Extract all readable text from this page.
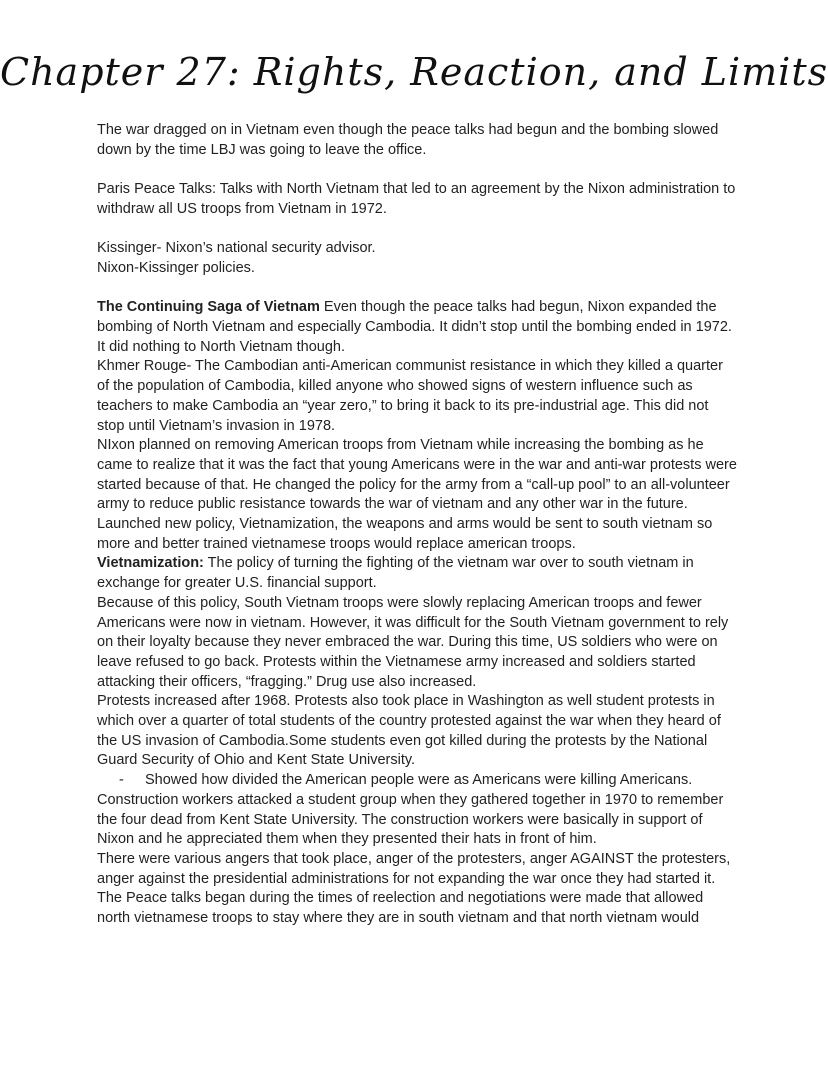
Chapter 27: Rights, Reaction, and Limits

The war dragged on in Vietnam even though the peace talks had begun and the bombing slowed down by the time LBJ was going to leave the office.

Paris Peace Talks: Talks with North Vietnam that led to an agreement by the Nixon administration to withdraw all US troops from Vietnam in 1972.

Kissinger- Nixon’s national security advisor.

Nixon-Kissinger policies.

The Continuing Saga of Vietnam Even though the peace talks had begun, Nixon expanded the bombing of North Vietnam and especially Cambodia. It didn’t stop until the bombing ended in 1972. It did nothing to North Vietnam though.

Khmer Rouge- The Cambodian anti-American communist resistance in which they killed a quarter of the population of Cambodia, killed anyone who showed signs of western influence such as teachers to make Cambodia an “year zero,” to bring it back to its pre-industrial age. This did not stop until Vietnam’s invasion in 1978.

NIxon planned on removing American troops from Vietnam while increasing the bombing as he came to realize that it was the fact that young Americans were in the war and anti-war protests were started because of that. He changed the policy for the army from a “call-up pool” to an all-volunteer army to reduce public resistance towards the war of vietnam and any other war in the future.

Launched new policy, Vietnamization, the weapons and arms would be sent to south vietnam so more and better trained vietnamese troops would replace american troops.

Vietnamization: The policy of turning the fighting of the vietnam war over to south vietnam in exchange for greater U.S. financial support.

Because of this policy, South Vietnam troops were slowly replacing American troops and fewer Americans were now in vietnam. However, it was difficult for the South Vietnam government to rely on their loyalty because they never embraced the war. During this time, US soldiers who were on leave refused to go back. Protests within the Vietnamese army increased and soldiers started attacking their officers, “fragging.” Drug use also increased.

Protests increased after 1968. Protests also took place in Washington as well student protests in which over a quarter of total students of the country protested against the war when they heard of the US invasion of Cambodia.Some students even got killed during the protests by the National Guard Security of Ohio and Kent State University.

- Showed how divided the American people were as Americans were killing Americans.

Construction workers attacked a student group when they gathered together in 1970 to remember the four dead from Kent State University. The construction workers were basically in support of Nixon and he appreciated them when they presented their hats in front of him.

There were various angers that took place, anger of the protesters, anger AGAINST the protesters, anger against the presidential administrations for not expanding the war once they had started it.

The Peace talks began during the times of reelection and negotiations were made that allowed north vietnamese troops to stay where they are in south vietnam and that north vietnam would
